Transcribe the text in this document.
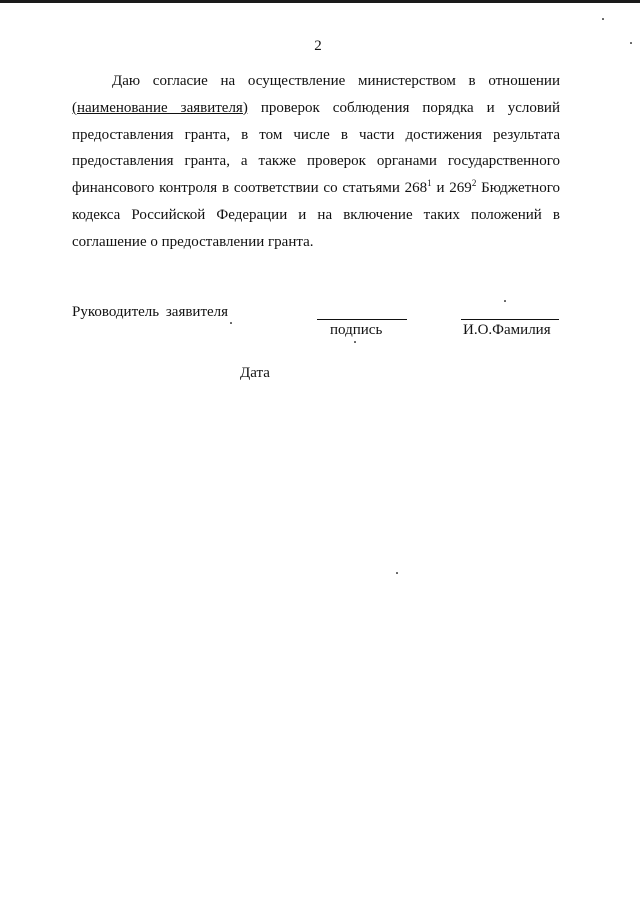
2

Даю согласие на осуществление министерством в отношении (наименование заявителя) проверок соблюдения порядка и условий предоставления гранта, в том числе в части достижения результата предоставления гранта, а также проверок органами государственного финансового контроля в соответствии со статьями $268^1$ и $269^2$ Бюджетного кодекса Российской Федерации и на включение таких положений в соглашение о предоставлении гранта.

Руководитель заявителя
подпись	И.О.Фамилия
Дата
